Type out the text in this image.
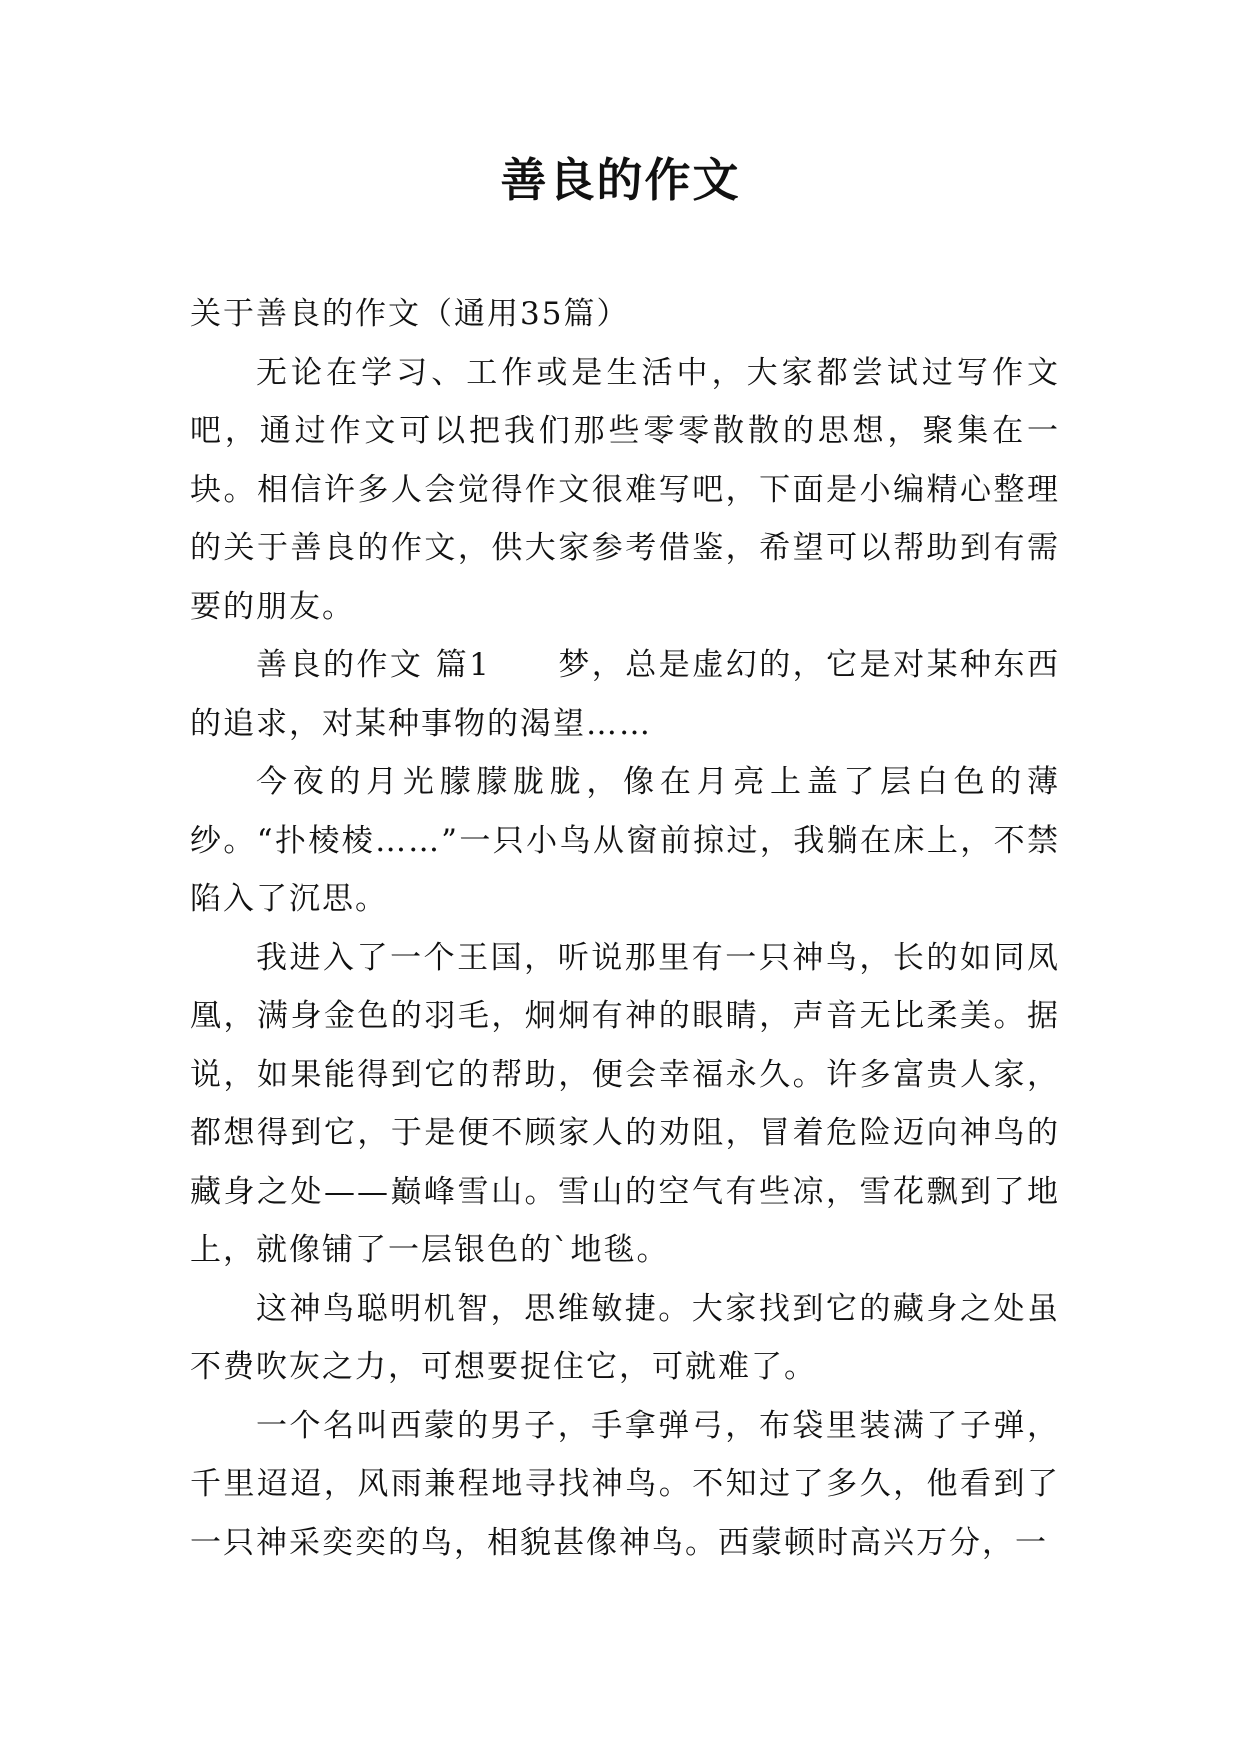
善良的作文

关于善良的作文（通用35篇）

无论在学习、工作或是生活中，大家都尝试过写作文吧，通过作文可以把我们那些零零散散的思想，聚集在一块。相信许多人会觉得作文很难写吧，下面是小编精心整理的关于善良的作文，供大家参考借鉴，希望可以帮助到有需要的朋友。

善良的作文 篇1　　梦，总是虚幻的，它是对某种东西的追求，对某种事物的渴望……

今夜的月光朦朦胧胧，像在月亮上盖了层白色的薄纱。“扑棱棱……”一只小鸟从窗前掠过，我躺在床上，不禁陷入了沉思。

我进入了一个王国，听说那里有一只神鸟，长的如同凤凰，满身金色的羽毛，炯炯有神的眼睛，声音无比柔美。据说，如果能得到它的帮助，便会幸福永久。许多富贵人家，都想得到它，于是便不顾家人的劝阻，冒着危险迈向神鸟的藏身之处——巅峰雪山。雪山的空气有些凉，雪花飘到了地上，就像铺了一层银色的`地毯。

这神鸟聪明机智，思维敏捷。大家找到它的藏身之处虽不费吹灰之力，可想要捉住它，可就难了。

一个名叫西蒙的男子，手拿弹弓，布袋里装满了子弹，千里迢迢，风雨兼程地寻找神鸟。不知过了多久，他看到了一只神采奕奕的鸟，相貌甚像神鸟。西蒙顿时高兴万分，一
